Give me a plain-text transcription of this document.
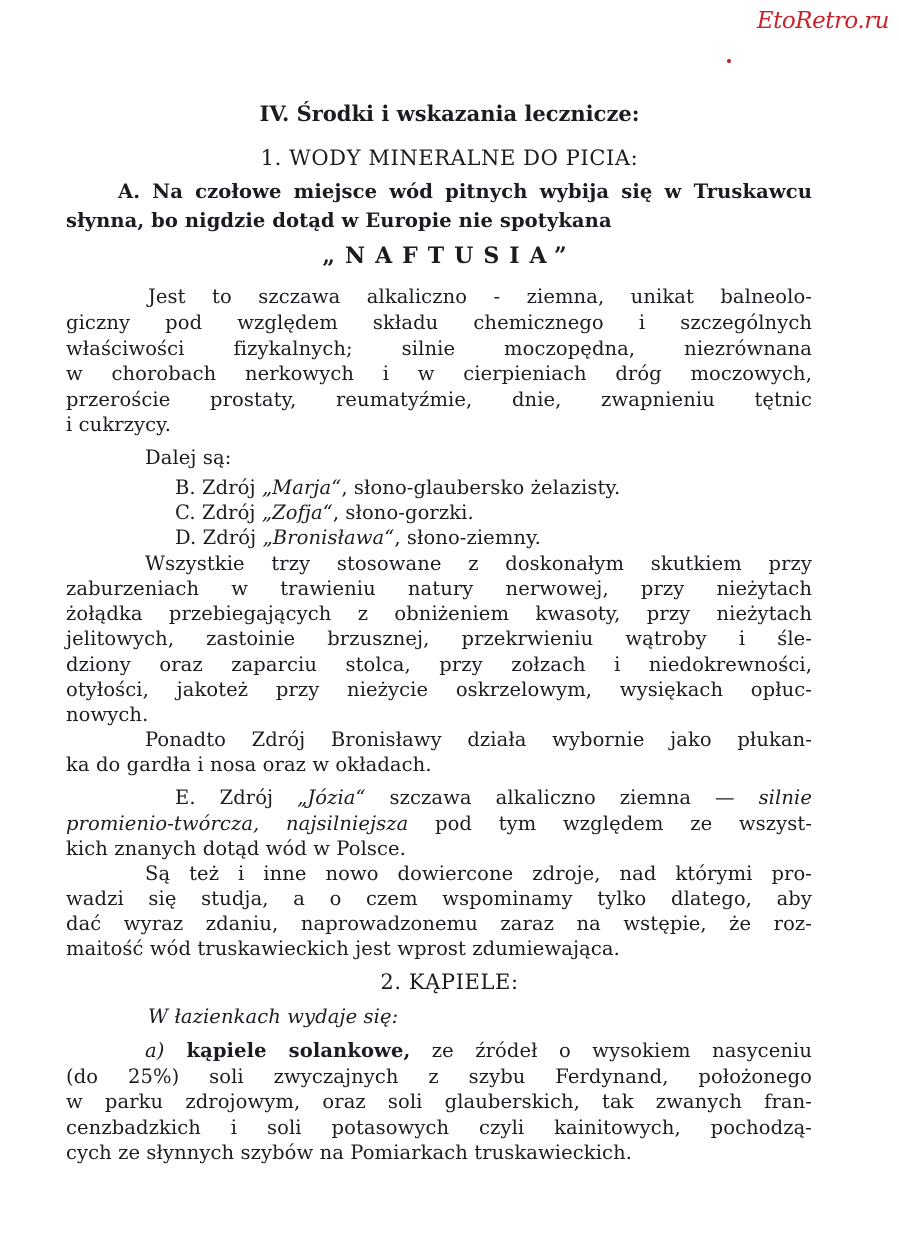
EtoRetro.ru
IV. Środki i wskazania lecznicze:
1. WODY MINERALNE DO PICIA:
A. Na czołowe miejsce wód pitnych wybija się w Truskawcu
słynna, bo nigdzie dotąd w Europie nie spotykana
„NAFTUSIA”
Jest to szczawa alkaliczno - ziemna, unikat balneolo-
giczny pod względem składu chemicznego i szczególnych
właściwości fizykalnych; silnie moczopędna, niezrównana
w chorobach nerkowych i w cierpieniach dróg moczowych,
przeroście prostaty, reumatyźmie, dnie, zwapnieniu tętnic
i cukrzycy.
Dalej są:
B. Zdrój „Marja“, słono-glaubersko żelazisty.
C. Zdrój „Zofja“, słono-gorzki.
D. Zdrój „Bronisława“, słono-ziemny.
Wszystkie trzy stosowane z doskonałym skutkiem przy
zaburzeniach w trawieniu natury nerwowej, przy nieżytach
żołądka przebiegających z obniżeniem kwasoty, przy nieżytach
jelitowych, zastoinie brzusznej, przekrwieniu wątroby i śle-
dziony oraz zaparciu stolca, przy zołzach i niedokrewności,
otyłości, jakoteż przy nieżycie oskrzelowym, wysiękach opłuc-
nowych.
Ponadto Zdrój Bronisławy działa wybornie jako płukan-
ka do gardła i nosa oraz w okładach.
E. Zdrój „Józia“ szczawa alkaliczno ziemna — silnie
promienio-twórcza, najsilniejsza pod tym względem ze wszyst-
kich znanych dotąd wód w Polsce.
Są też i inne nowo dowiercone zdroje, nad którymi pro-
wadzi się studja, a o czem wspominamy tylko dlatego, aby
dać wyraz zdaniu, naprowadzonemu zaraz na wstępie, że roz-
maitość wód truskawieckich jest wprost zdumiewająca.
2. KĄPIELE:
W łazienkach wydaje się:
a) kąpiele solankowe, ze źródeł o wysokiem nasyceniu
(do 25%) soli zwyczajnych z szybu Ferdynand, położonego
w parku zdrojowym, oraz soli glauberskich, tak zwanych fran-
cenzbadzkich i soli potasowych czyli kainitowych, pochodzą-
cych ze słynnych szybów na Pomiarkach truskawieckich.
